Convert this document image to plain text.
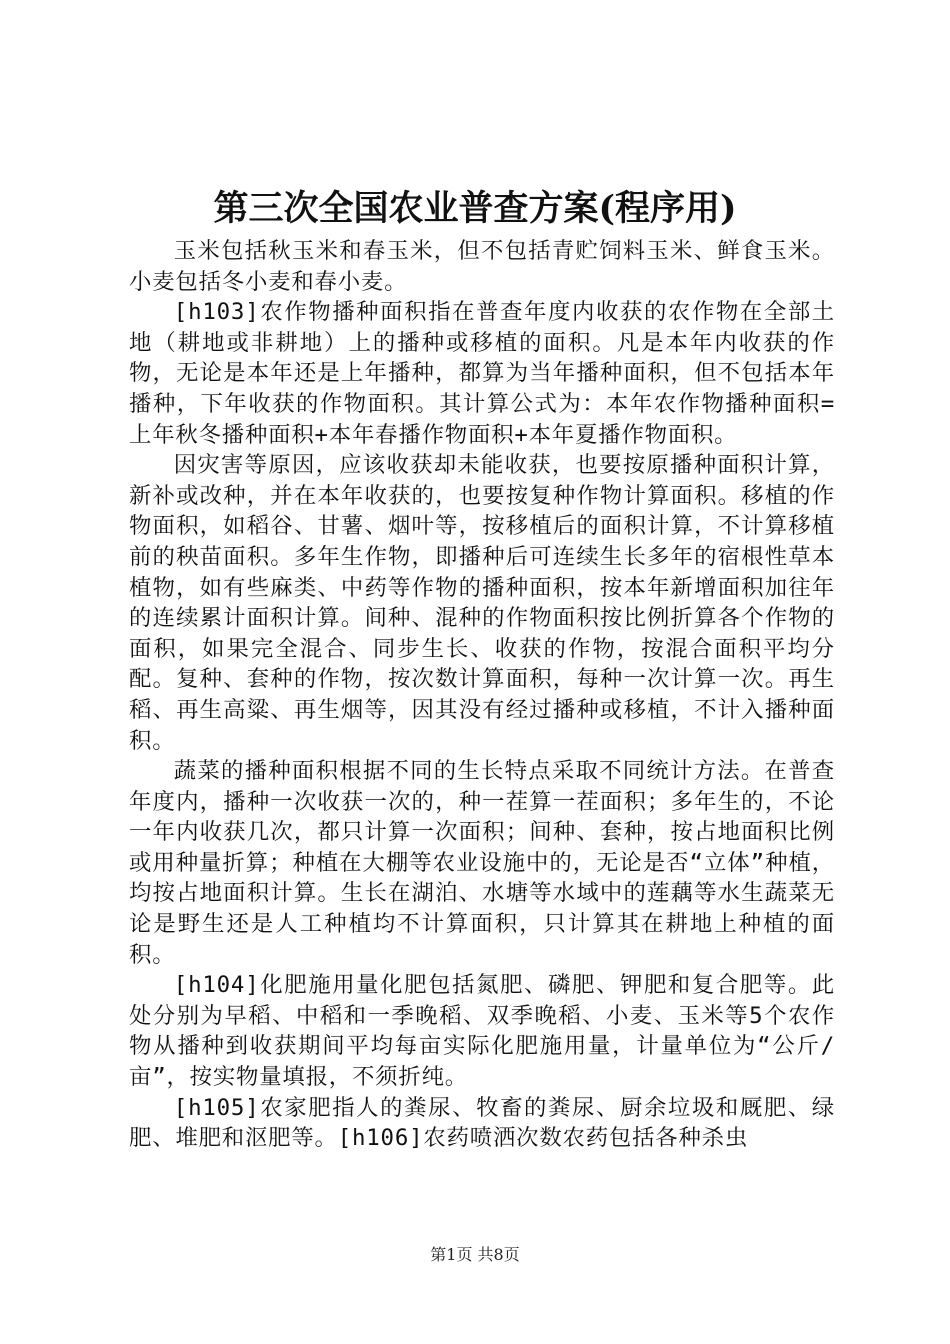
第三次全国农业普查方案(程序用)

玉米包括秋玉米和春玉米，但不包括青贮饲料玉米、鲜食玉米。小麦包括冬小麦和春小麦。

[h103]农作物播种面积指在普查年度内收获的农作物在全部土地（耕地或非耕地）上的播种或移植的面积。凡是本年内收获的作物，无论是本年还是上年播种，都算为当年播种面积，但不包括本年播种，下年收获的作物面积。其计算公式为：本年农作物播种面积=上年秋冬播种面积+本年春播作物面积+本年夏播作物面积。

因灾害等原因，应该收获却未能收获，也要按原播种面积计算，新补或改种，并在本年收获的，也要按复种作物计算面积。移植的作物面积，如稻谷、甘薯、烟叶等，按移植后的面积计算，不计算移植前的秧苗面积。多年生作物，即播种后可连续生长多年的宿根性草本植物，如有些麻类、中药等作物的播种面积，按本年新增面积加往年的连续累计面积计算。间种、混种的作物面积按比例折算各个作物的面积，如果完全混合、同步生长、收获的作物，按混合面积平均分配。复种、套种的作物，按次数计算面积，每种一次计算一次。再生稻、再生高粱、再生烟等，因其没有经过播种或移植，不计入播种面积。

蔬菜的播种面积根据不同的生长特点采取不同统计方法。在普查年度内，播种一次收获一次的，种一茬算一茬面积；多年生的，不论一年内收获几次，都只计算一次面积；间种、套种，按占地面积比例或用种量折算；种植在大棚等农业设施中的，无论是否“立体”种植，均按占地面积计算。生长在湖泊、水塘等水域中的莲藕等水生蔬菜无论是野生还是人工种植均不计算面积，只计算其在耕地上种植的面积。

[h104]化肥施用量化肥包括氮肥、磷肥、钾肥和复合肥等。此处分别为早稻、中稻和一季晚稻、双季晚稻、小麦、玉米等5个农作物从播种到收获期间平均每亩实际化肥施用量，计量单位为“公斤/亩”，按实物量填报，不须折纯。

[h105]农家肥指人的粪尿、牧畜的粪尿、厨余垃圾和厩肥、绿肥、堆肥和沤肥等。[h106]农药喷洒次数农药包括各种杀虫

第1页 共8页
